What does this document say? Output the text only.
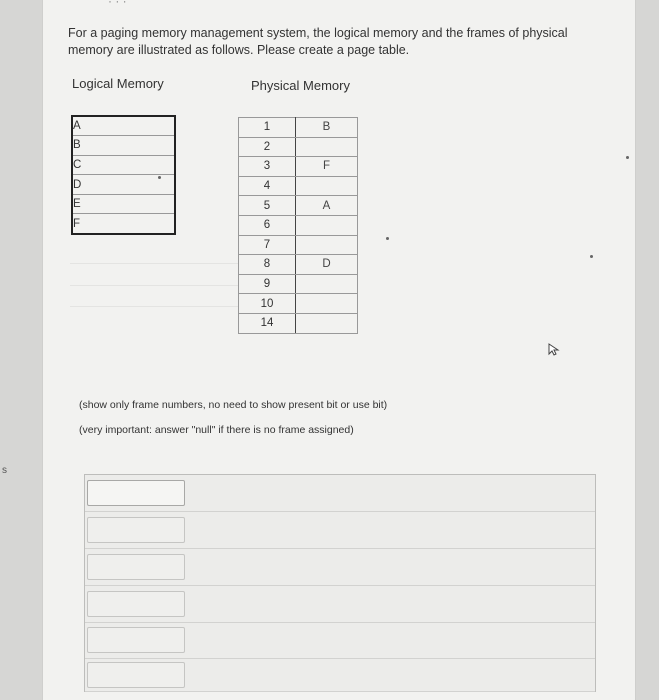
s
· · ·
For a paging memory management system, the logical memory and the frames of physical memory are illustrated as follows. Please create a page table.
Logical Memory	Physical Memory
A
B
C
D
E
F
1	B
2	
3	F
4	
5	A
6	
7	
8	D
9	
10	
14	
(show only frame numbers, no need to show present bit or use bit)
(very important: answer "null" if there is no frame assigned)
